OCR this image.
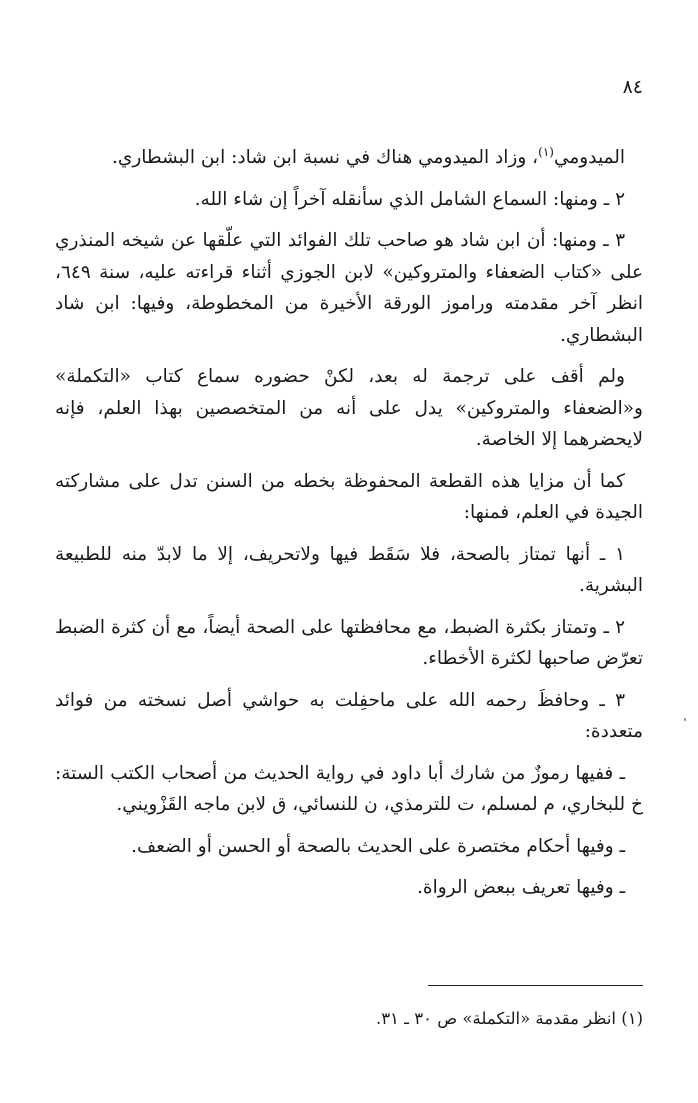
٨٤

الميدومي$^{(١)}$، وزاد الميدومي هناك في نسبة ابن شاد: ابن البشطاري.

٢ ـ ومنها: السماع الشامل الذي سأنقله آخراً إن شاء الله.

٣ ـ ومنها: أن ابن شاد هو صاحب تلك الفوائد التي علّقها عن شيخه المنذري على «كتاب الضعفاء والمتروكين» لابن الجوزي أثناء قراءته عليه، سنة ٦٤٩، انظر آخر مقدمته وراموز الورقة الأخيرة من المخطوطة، وفيها: ابن شاد البشطاري.

ولم أقف على ترجمة له بعد، لكنْ حضوره سماع كتاب «التكملة» و«الضعفاء والمتروكين» يدل على أنه من المتخصصين بهذا العلم، فإنه لايحضرهما إلا الخاصة.

كما أن مزايا هذه القطعة المحفوظة بخطه من السنن تدل على مشاركته الجيدة في العلم، فمنها:

١ ـ أنها تمتاز بالصحة، فلا سَقَط فيها ولاتحريف، إلا ما لابدّ منه للطبيعة البشرية.

٢ ـ وتمتاز بكثرة الضبط، مع محافظتها على الصحة أيضاً، مع أن كثرة الضبط تعرّض صاحبها لكثرة الأخطاء.

٣ ـ وحافظَ رحمه الله على ماحفِلت به حواشي أصل نسخته من فوائد متعددة:

ـ ففيها رموزٌ من شارك أبا داود في رواية الحديث من أصحاب الكتب الستة: خ للبخاري، م لمسلم، ت للترمذي، ن للنسائي، ق لابن ماجه القَزْويني.

ـ وفيها أحكام مختصرة على الحديث بالصحة أو الحسن أو الضعف.

ـ وفيها تعريف ببعض الرواة.

(١) انظر مقدمة «التكملة» ص ٣٠ ـ ٣١.
